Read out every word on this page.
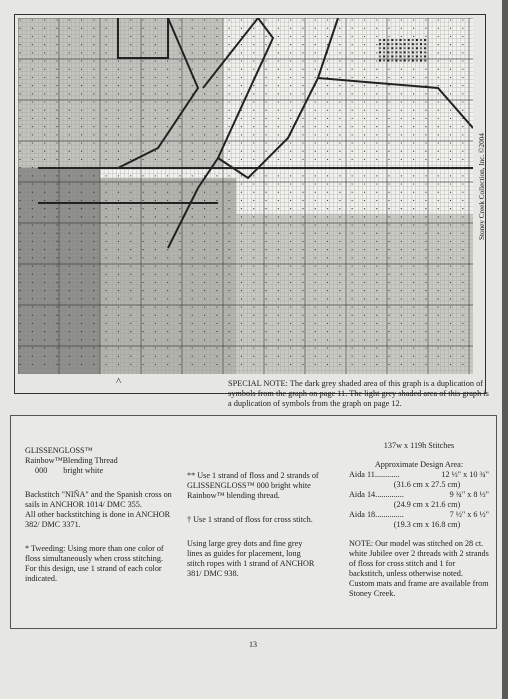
^	SPECIAL NOTE: The dark grey shaded area of this graph is a duplication of symbols from the graph on page 11. The light grey shaded area of this graph is a duplication of symbols from the graph on page 12.
Stoney Creek Collection, Inc. ©2004
GLISSENGLOSS™
Rainbow™Blending Thread
000 bright white
Backstitch "NIÑA" and the Spanish cross on sails in ANCHOR 1014/ DMC 355.
All other backstitching is done in ANCHOR 382/ DMC 3371.
* Tweeding: Using more than one color of floss simultaneously when cross stitching. For this design, use 1 strand of each color indicated.
** Use 1 strand of floss and 2 strands of GLISSENGLOSS™ 000 bright white Rainbow™ blending thread.
† Use 1 strand of floss for cross stitch.
Using large grey dots and fine grey lines as guides for placement, long stitch ropes with 1 strand of ANCHOR 381/ DMC 938.
137w x 119h Stitches
Approximate Design Area:
Aida 11............	12 ½" x 10 ¾"
(31.6 cm x 27.5 cm)
Aida 14..............	9 ¾" x 8 ½"
(24.9 cm x 21.6 cm)
Aida 18..............	7 ½" x 6 ½"
(19.3 cm x 16.8 cm)
NOTE: Our model was stitched on 28 ct. white Jubilee over 2 threads with 2 strands of floss for cross stitch and 1 for backstitch, unless otherwise noted. Custom mats and frame are available from Stoney Creek.
13
